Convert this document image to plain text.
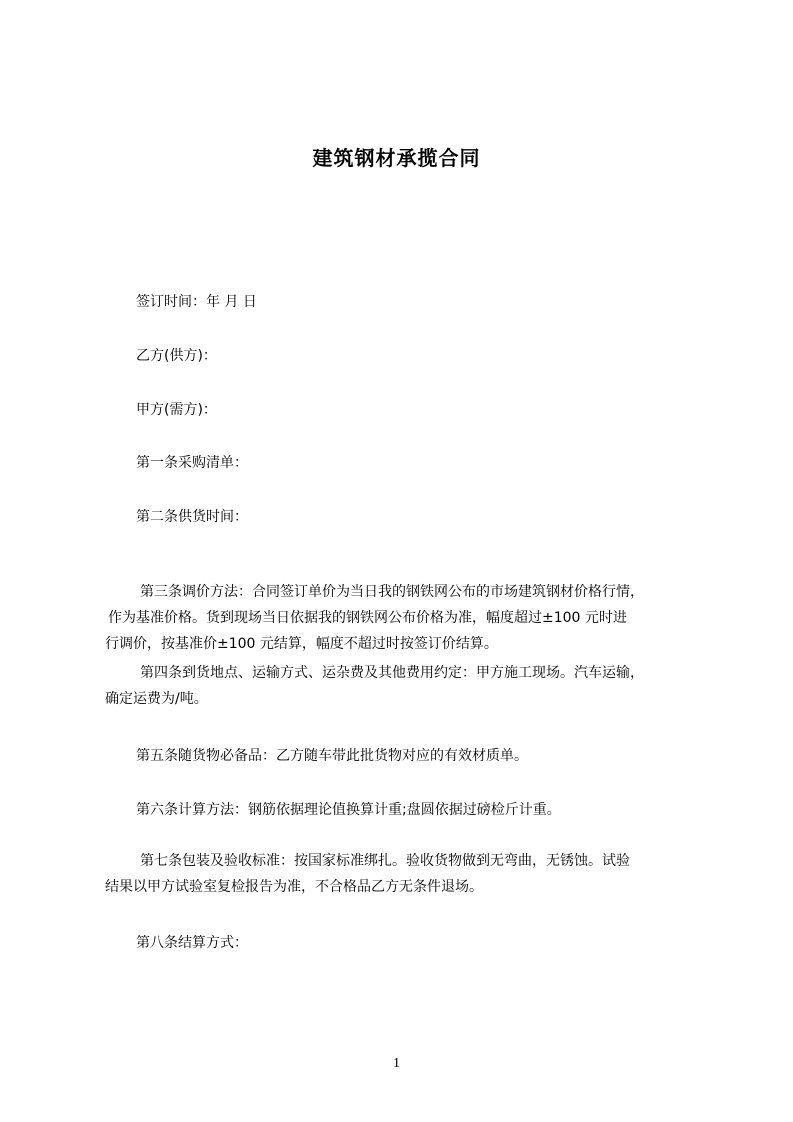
建筑钢材承揽合同
签订时间：年 月 日
乙方(供方)：
甲方(需方)：
第一条采购清单：
第二条供货时间：
第三条调价方法：合同签订单价为当日我的钢铁网公布的市场建筑钢材价格行情，
作为基准价格。货到现场当日依据我的钢铁网公布价格为准，幅度超过±100 元时进
行调价，按基准价±100 元结算，幅度不超过时按签订价结算。
第四条到货地点、运输方式、运杂费及其他费用约定：甲方施工现场。汽车运输，
确定运费为/吨。
第五条随货物必备品：乙方随车带此批货物对应的有效材质单。
第六条计算方法：钢筋依据理论值换算计重;盘圆依据过磅检斤计重。
第七条包装及验收标准：按国家标准绑扎。验收货物做到无弯曲，无锈蚀。试验
结果以甲方试验室复检报告为准，不合格品乙方无条件退场。
第八条结算方式：
1
